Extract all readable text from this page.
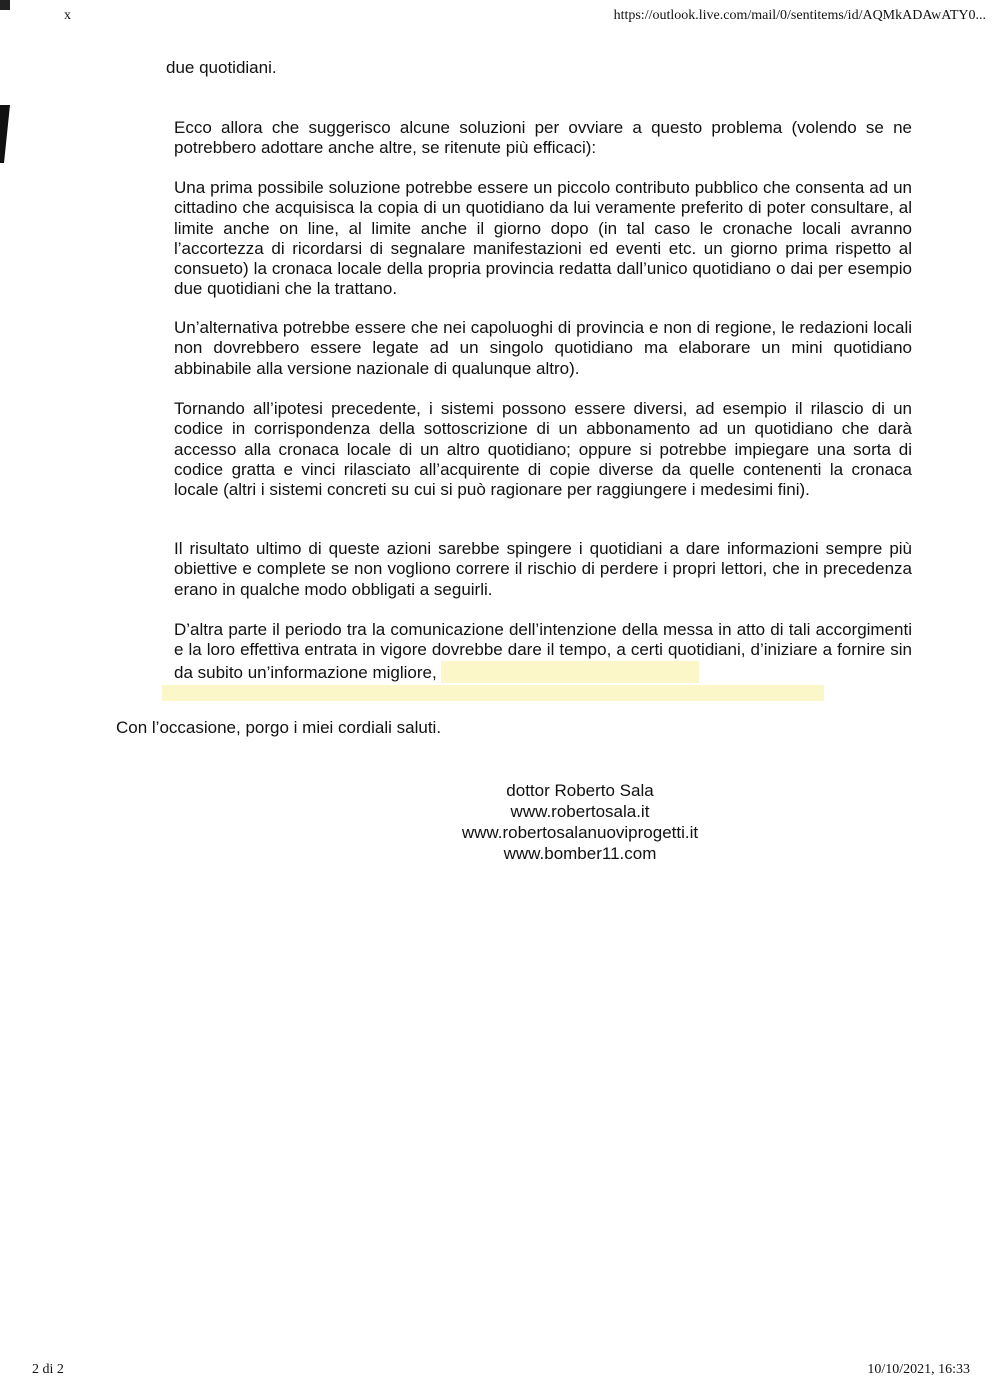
x	https://outlook.live.com/mail/0/sentitems/id/AQMkADAwATY0...

due quotidiani.

Ecco allora che suggerisco alcune soluzioni per ovviare a questo problema (volendo se ne potrebbero adottare anche altre, se ritenute più efficaci):

Una prima possibile soluzione potrebbe essere un piccolo contributo pubblico che consenta ad un cittadino che acquisisca la copia di un quotidiano da lui veramente preferito di poter consultare, al limite anche on line, al limite anche il giorno dopo (in tal caso le cronache locali avranno l’accortezza di ricordarsi di segnalare manifestazioni ed eventi etc. un giorno prima rispetto al consueto) la cronaca locale della propria provincia redatta dall’unico quotidiano o dai per esempio due quotidiani che la trattano.

Un’alternativa potrebbe essere che nei capoluoghi di provincia e non di regione, le redazioni locali non dovrebbero essere legate ad un singolo quotidiano ma elaborare un mini quotidiano abbinabile alla versione nazionale di qualunque altro).

Tornando all’ipotesi precedente, i sistemi possono essere diversi, ad esempio il rilascio di un codice in corrispondenza della sottoscrizione di un abbonamento ad un quotidiano che darà accesso alla cronaca locale di un altro quotidiano; oppure si potrebbe impiegare una sorta di codice gratta e vinci rilasciato all’acquirente di copie diverse da quelle contenenti la cronaca locale (altri i sistemi concreti su cui si può ragionare per raggiungere i medesimi fini).

Il risultato ultimo di queste azioni sarebbe spingere i quotidiani a dare informazioni sempre più obiettive e complete se non vogliono correre il rischio di perdere i propri lettori, che in precedenza erano in qualche modo obbligati a seguirli.

D’altra parte il periodo tra la comunicazione dell’intenzione della messa in atto di tali accorgimenti e la loro effettiva entrata in vigore dovrebbe dare il tempo, a certi quotidiani, d’iniziare a fornire sin da subito un’informazione migliore,

Con l’occasione, porgo i miei cordiali saluti.
dottor Roberto Sala
www.robertosala.it
www.robertosalanuoviprogetti.it
www.bomber11.com
2 di 2	10/10/2021, 16:33
